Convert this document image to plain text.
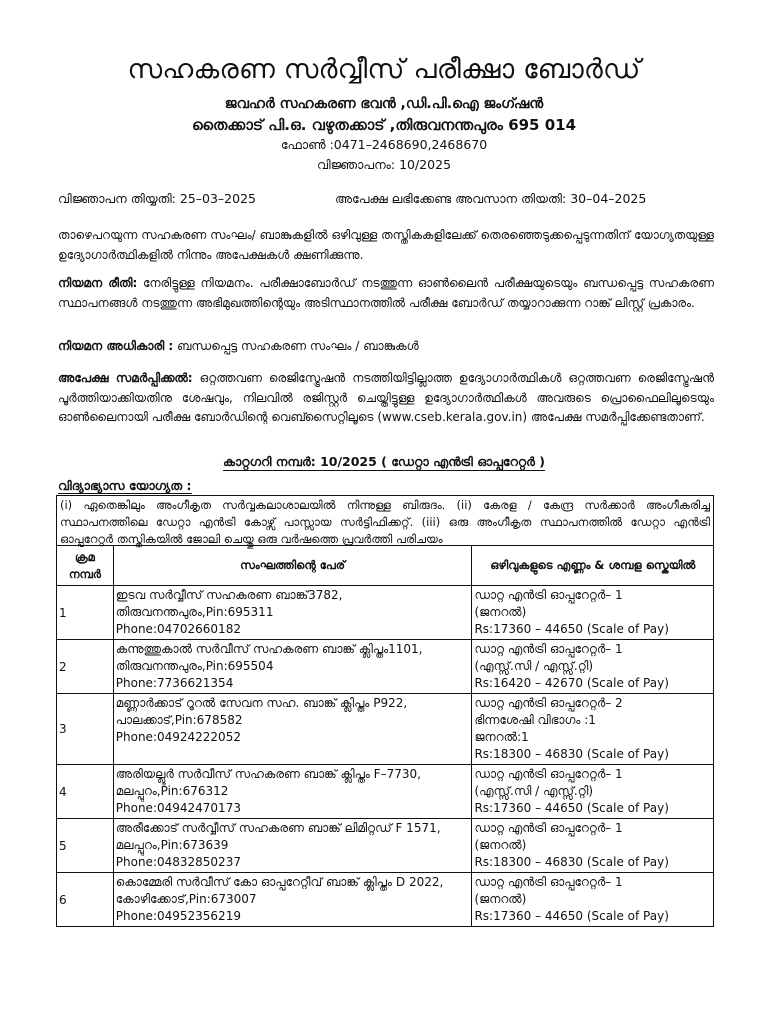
സഹകരണ സർവ്വീസ് പരീക്ഷാ ബോർഡ്
ജവഹർ സഹകരണ ഭവൻ ,ഡി.പി.ഐ ജംഗ്ഷൻ
തൈക്കാട് പി.ഒ. വഴുതക്കാട് ,തിരുവനന്തപുരം 695 014
ഫോൺ :0471–2468690,2468670
വിജ്ഞാപനം: 10/2025
വിജ്ഞാപന തിയ്യതി: 25–03–2025	അപേക്ഷ ലഭിക്കേണ്ട അവസാന തിയതി: 30–04–2025
താഴെപറയുന്ന സഹകരണ സംഘം/ ബാങ്കുകളിൽ ഒഴിവുള്ള തസ്തികകളിലേക്ക് തെരഞ്ഞെടുക്കപ്പെടുന്നതിന് യോഗ്യതയുള്ള ഉദ്യോഗാർത്ഥികളിൽ നിന്നും അപേക്ഷകൾ ക്ഷണിക്കുന്നു.
നിയമന രീതി: നേരിട്ടുള്ള നിയമനം. പരീക്ഷാബോർഡ് നടത്തുന്ന ഓൺലൈൻ പരീക്ഷയുടെയും ബന്ധപ്പെട്ട സഹകരണ സ്ഥാപനങ്ങൾ നടത്തുന്ന അഭിമുഖത്തിന്റെയും അടിസ്ഥാനത്തിൽ പരീക്ഷ ബോർഡ് തയ്യാറാക്കുന്ന റാങ്ക് ലിസ്റ്റ് പ്രകാരം.
നിയമന അധികാരി : ബന്ധപ്പെട്ട സഹകരണ സംഘം / ബാങ്കുകൾ
അപേക്ഷ സമർപ്പിക്കൽ: ഒറ്റത്തവണ രെജിസ്ട്രേഷൻ നടത്തിയിട്ടില്ലാത്ത ഉദ്യോഗാർത്ഥികൾ ഒറ്റത്തവണ രെജിസ്ട്രേഷൻ പൂർത്തിയാക്കിയതിനു ശേഷവും, നിലവിൽ രജിസ്റ്റർ ചെയ്തിട്ടുള്ള ഉദ്യോഗാർത്ഥികൾ അവരുടെ പ്രൊഫൈലിലൂടെയും ഓൺലൈനായി പരീക്ഷ ബോർഡിന്റെ വെബ്സൈറ്റിലൂടെ (www.cseb.kerala.gov.in) അപേക്ഷ സമർപ്പിക്കേണ്ടതാണ്.
കാറ്റഗറി നമ്പർ: 10/2025 ( ഡേറ്റാ എൻട്രി ഓപ്പറേറ്റർ )
വിദ്യാഭ്യാസ യോഗ്യത :
(i) ഏതെങ്കിലും അംഗീകൃത സർവ്വകലാശാലയിൽ നിന്നുള്ള ബിരുദം. (ii) കേരള / കേന്ദ്ര സർക്കാർ അംഗീകരിച്ച സ്ഥാപനത്തിലെ ഡേറ്റാ എൻട്രി കോഴ്സ് പാസ്സായ സർട്ടിഫിക്കറ്റ്. (iii) ഒരു അംഗീകൃത സ്ഥാപനത്തിൽ ഡേറ്റാ എൻട്രി ഓപ്പറേറ്റർ തസ്തികയിൽ ജോലി ചെയ്തു ഒരു വർഷത്തെ പ്രവർത്തി പരിചയം
ക്രമ
നമ്പർ	സംഘത്തിന്റെ പേര്	ഒഴിവുകളുടെ എണ്ണം & ശമ്പള സ്കെയിൽ
1	ഇടവ സർവ്വീസ് സഹകരണ ബാങ്ക്3782,
തിരുവനന്തപുരം,Pin:695311
Phone:04702660182	ഡാറ്റ എൻട്രി ഓപ്പറേറ്റർ– 1
(ജനറൽ)
Rs:17360 – 44650 (Scale of Pay)

2	കന്നുത്തുകാൽ സർവീസ് സഹകരണ ബാങ്ക് ക്ലിപ്തം1101,
തിരുവനന്തപുരം,Pin:695504
Phone:7736621354	ഡാറ്റ എൻട്രി ഓപ്പറേറ്റർ– 1
(എസ്സ്.സി / എസ്സ്.റ്റി)
Rs:16420 – 42670 (Scale of Pay)

3	മണ്ണാർക്കാട് റൂറൽ സേവന സഹ. ബാങ്ക് ക്ലിപ്തം P922,
പാലക്കാട്,Pin:678582
Phone:04924222052	ഡാറ്റ എൻട്രി ഓപ്പറേറ്റർ– 2
ഭിന്നശേഷി വിഭാഗം :1
ജനറൽ:1
Rs:18300 – 46830 (Scale of Pay)

4	അരിയല്ലൂർ സർവീസ് സഹകരണ ബാങ്ക് ക്ലിപ്തം F–7730,
മലപ്പുറം,Pin:676312
Phone:04942470173	ഡാറ്റ എൻട്രി ഓപ്പറേറ്റർ– 1
(എസ്സ്.സി / എസ്സ്.റ്റി)
Rs:17360 – 44650 (Scale of Pay)

5	അരീക്കോട് സർവ്വീസ് സഹകരണ ബാങ്ക് ലിമിറ്റഡ് F 1571,
മലപ്പുറം,Pin:673639
Phone:04832850237	ഡാറ്റ എൻട്രി ഓപ്പറേറ്റർ– 1
(ജനറൽ)
Rs:18300 – 46830 (Scale of Pay)

6	കൊമ്മേരി സർവീസ് കോ ഓപ്പറേറ്റീവ് ബാങ്ക് ക്ലിപ്തം D 2022,
കോഴിക്കോട്,Pin:673007
Phone:04952356219	ഡാറ്റ എൻട്രി ഓപ്പറേറ്റർ– 1
(ജനറൽ)
Rs:17360 – 44650 (Scale of Pay)
